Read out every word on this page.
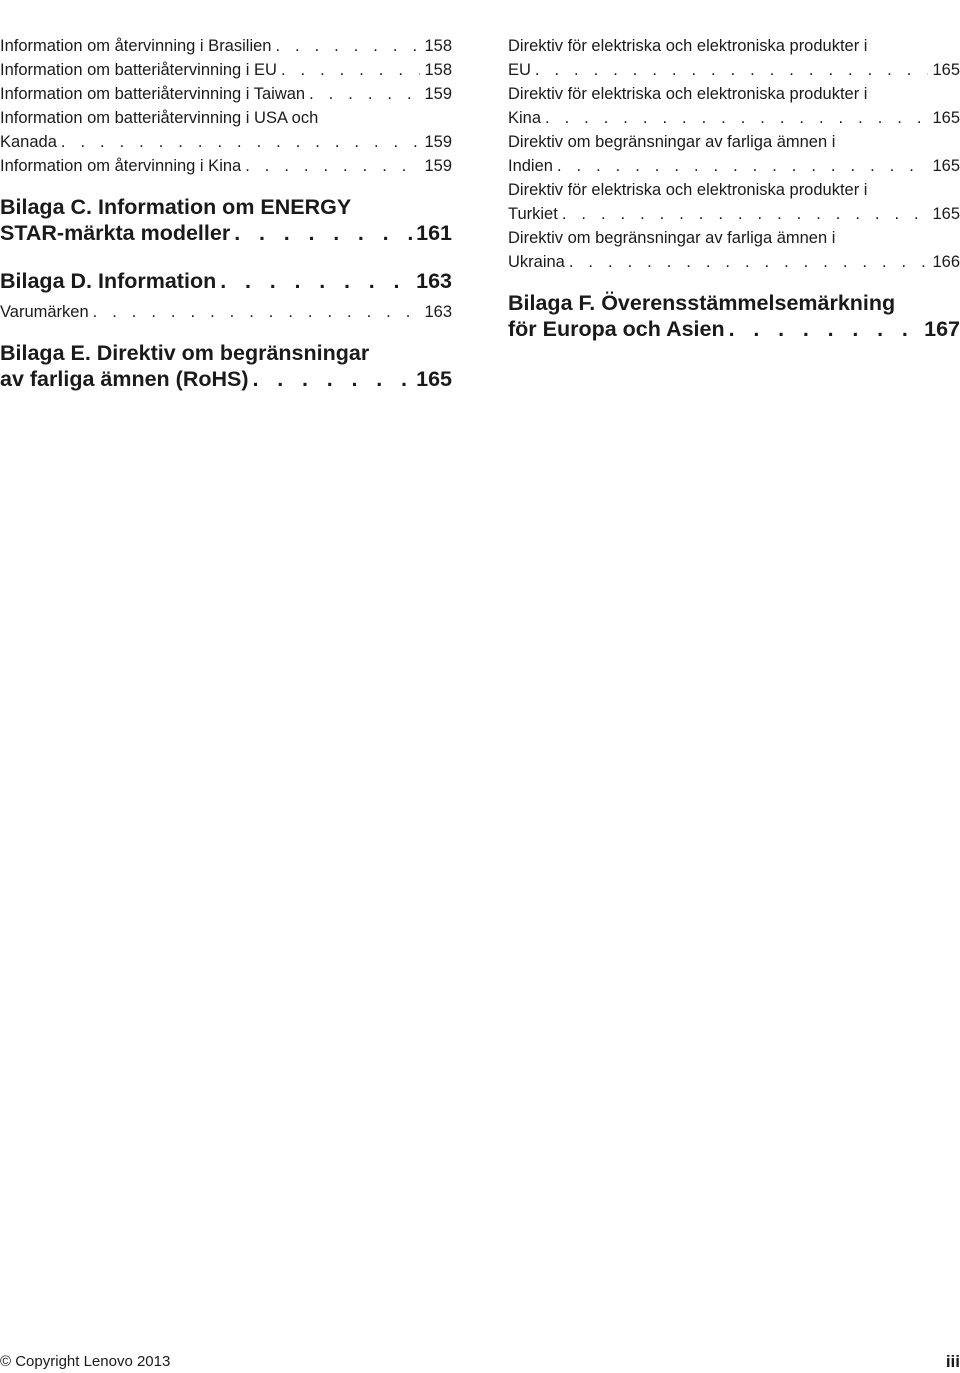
Information om återvinning i Brasilien . . .	158
Information om batteriåtervinning i EU . . .	158
Information om batteriåtervinning i Taiwan . . .	159
Information om batteriåtervinning i USA och
Kanada . . .	159
Information om återvinning i Kina . . .	159
Bilaga C. Information om ENERGY
STAR-märkta modeller . . .	161
Bilaga D. Information . . .	163
Varumärken . . .	163
Bilaga E. Direktiv om begränsningar
av farliga ämnen (RoHS) . . .	165
Direktiv för elektriska och elektroniska produkter i
EU . . .	165
Direktiv för elektriska och elektroniska produkter i
Kina . . .	165
Direktiv om begränsningar av farliga ämnen i
Indien . . .	165
Direktiv för elektriska och elektroniska produkter i
Turkiet . . .	165
Direktiv om begränsningar av farliga ämnen i
Ukraina . . .	166
Bilaga F. Överensstämmelsemärkning
för Europa och Asien . . .	167
© Copyright Lenovo 2013	iii
